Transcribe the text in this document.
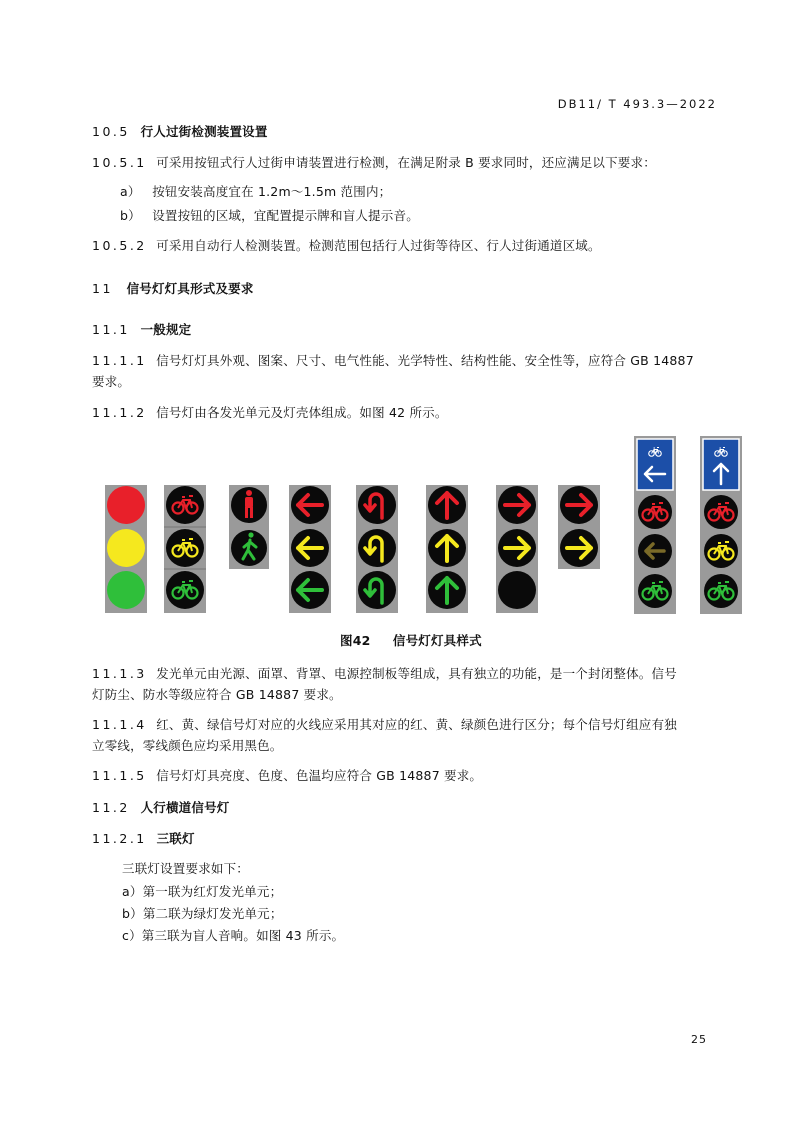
DB11/ T 493.3—2022
10.5 行人过街检测装置设置
10.5.1 可采用按钮式行人过街申请装置进行检测，在满足附录 B 要求同时，还应满足以下要求：
a） 按钮安装高度宜在 1.2m～1.5m 范围内；
b） 设置按钮的区域，宜配置提示牌和盲人提示音。
10.5.2 可采用自动行人检测装置。检测范围包括行人过街等待区、行人过街通道区域。
11 信号灯灯具形式及要求
11.1 一般规定
11.1.1 信号灯灯具外观、图案、尺寸、电气性能、光学特性、结构性能、安全性等，应符合 GB 14887
要求。
11.1.2 信号灯由各发光单元及灯壳体组成。如图 42 所示。
图42 信号灯灯具样式
11.1.3 发光单元由光源、面罩、背罩、电源控制板等组成，具有独立的功能，是一个封闭整体。信号
灯防尘、防水等级应符合 GB 14887 要求。
11.1.4 红、黄、绿信号灯对应的火线应采用其对应的红、黄、绿颜色进行区分；每个信号灯组应有独
立零线，零线颜色应均采用黑色。
11.1.5 信号灯灯具亮度、色度、色温均应符合 GB 14887 要求。
11.2 人行横道信号灯
11.2.1 三联灯
三联灯设置要求如下：
a）第一联为红灯发光单元；
b）第二联为绿灯发光单元；
c）第三联为盲人音响。如图 43 所示。
25
